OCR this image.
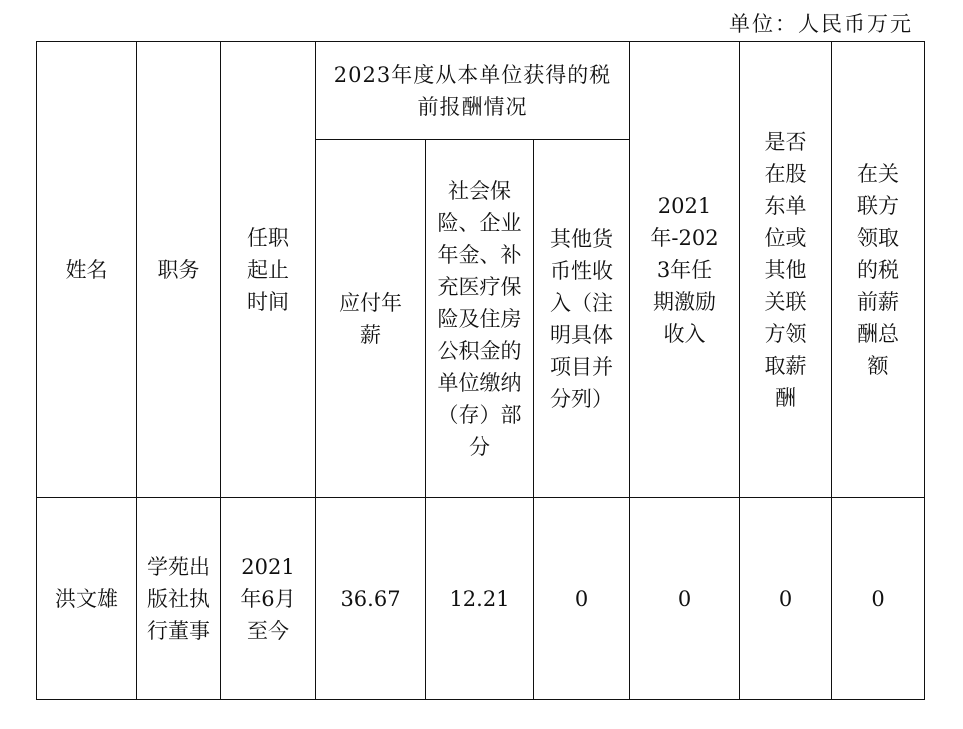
单位：人民币万元
姓名	职务	任职起止时间	2023年度从本单位获得的税前报酬情况			2021年-2023年任期激励收入	是否在股东单位或其他关联方领取薪酬	在关联方领取的税前薪酬总额
			应付年薪	社会保险、企业年金、补充医疗保险及住房公积金的单位缴纳（存）部分	其他货币性收入（注明具体项目并分列）			
洪文雄	学苑出版社执行董事	2021年6月至今	36.67	12.21	0	0	0	0
